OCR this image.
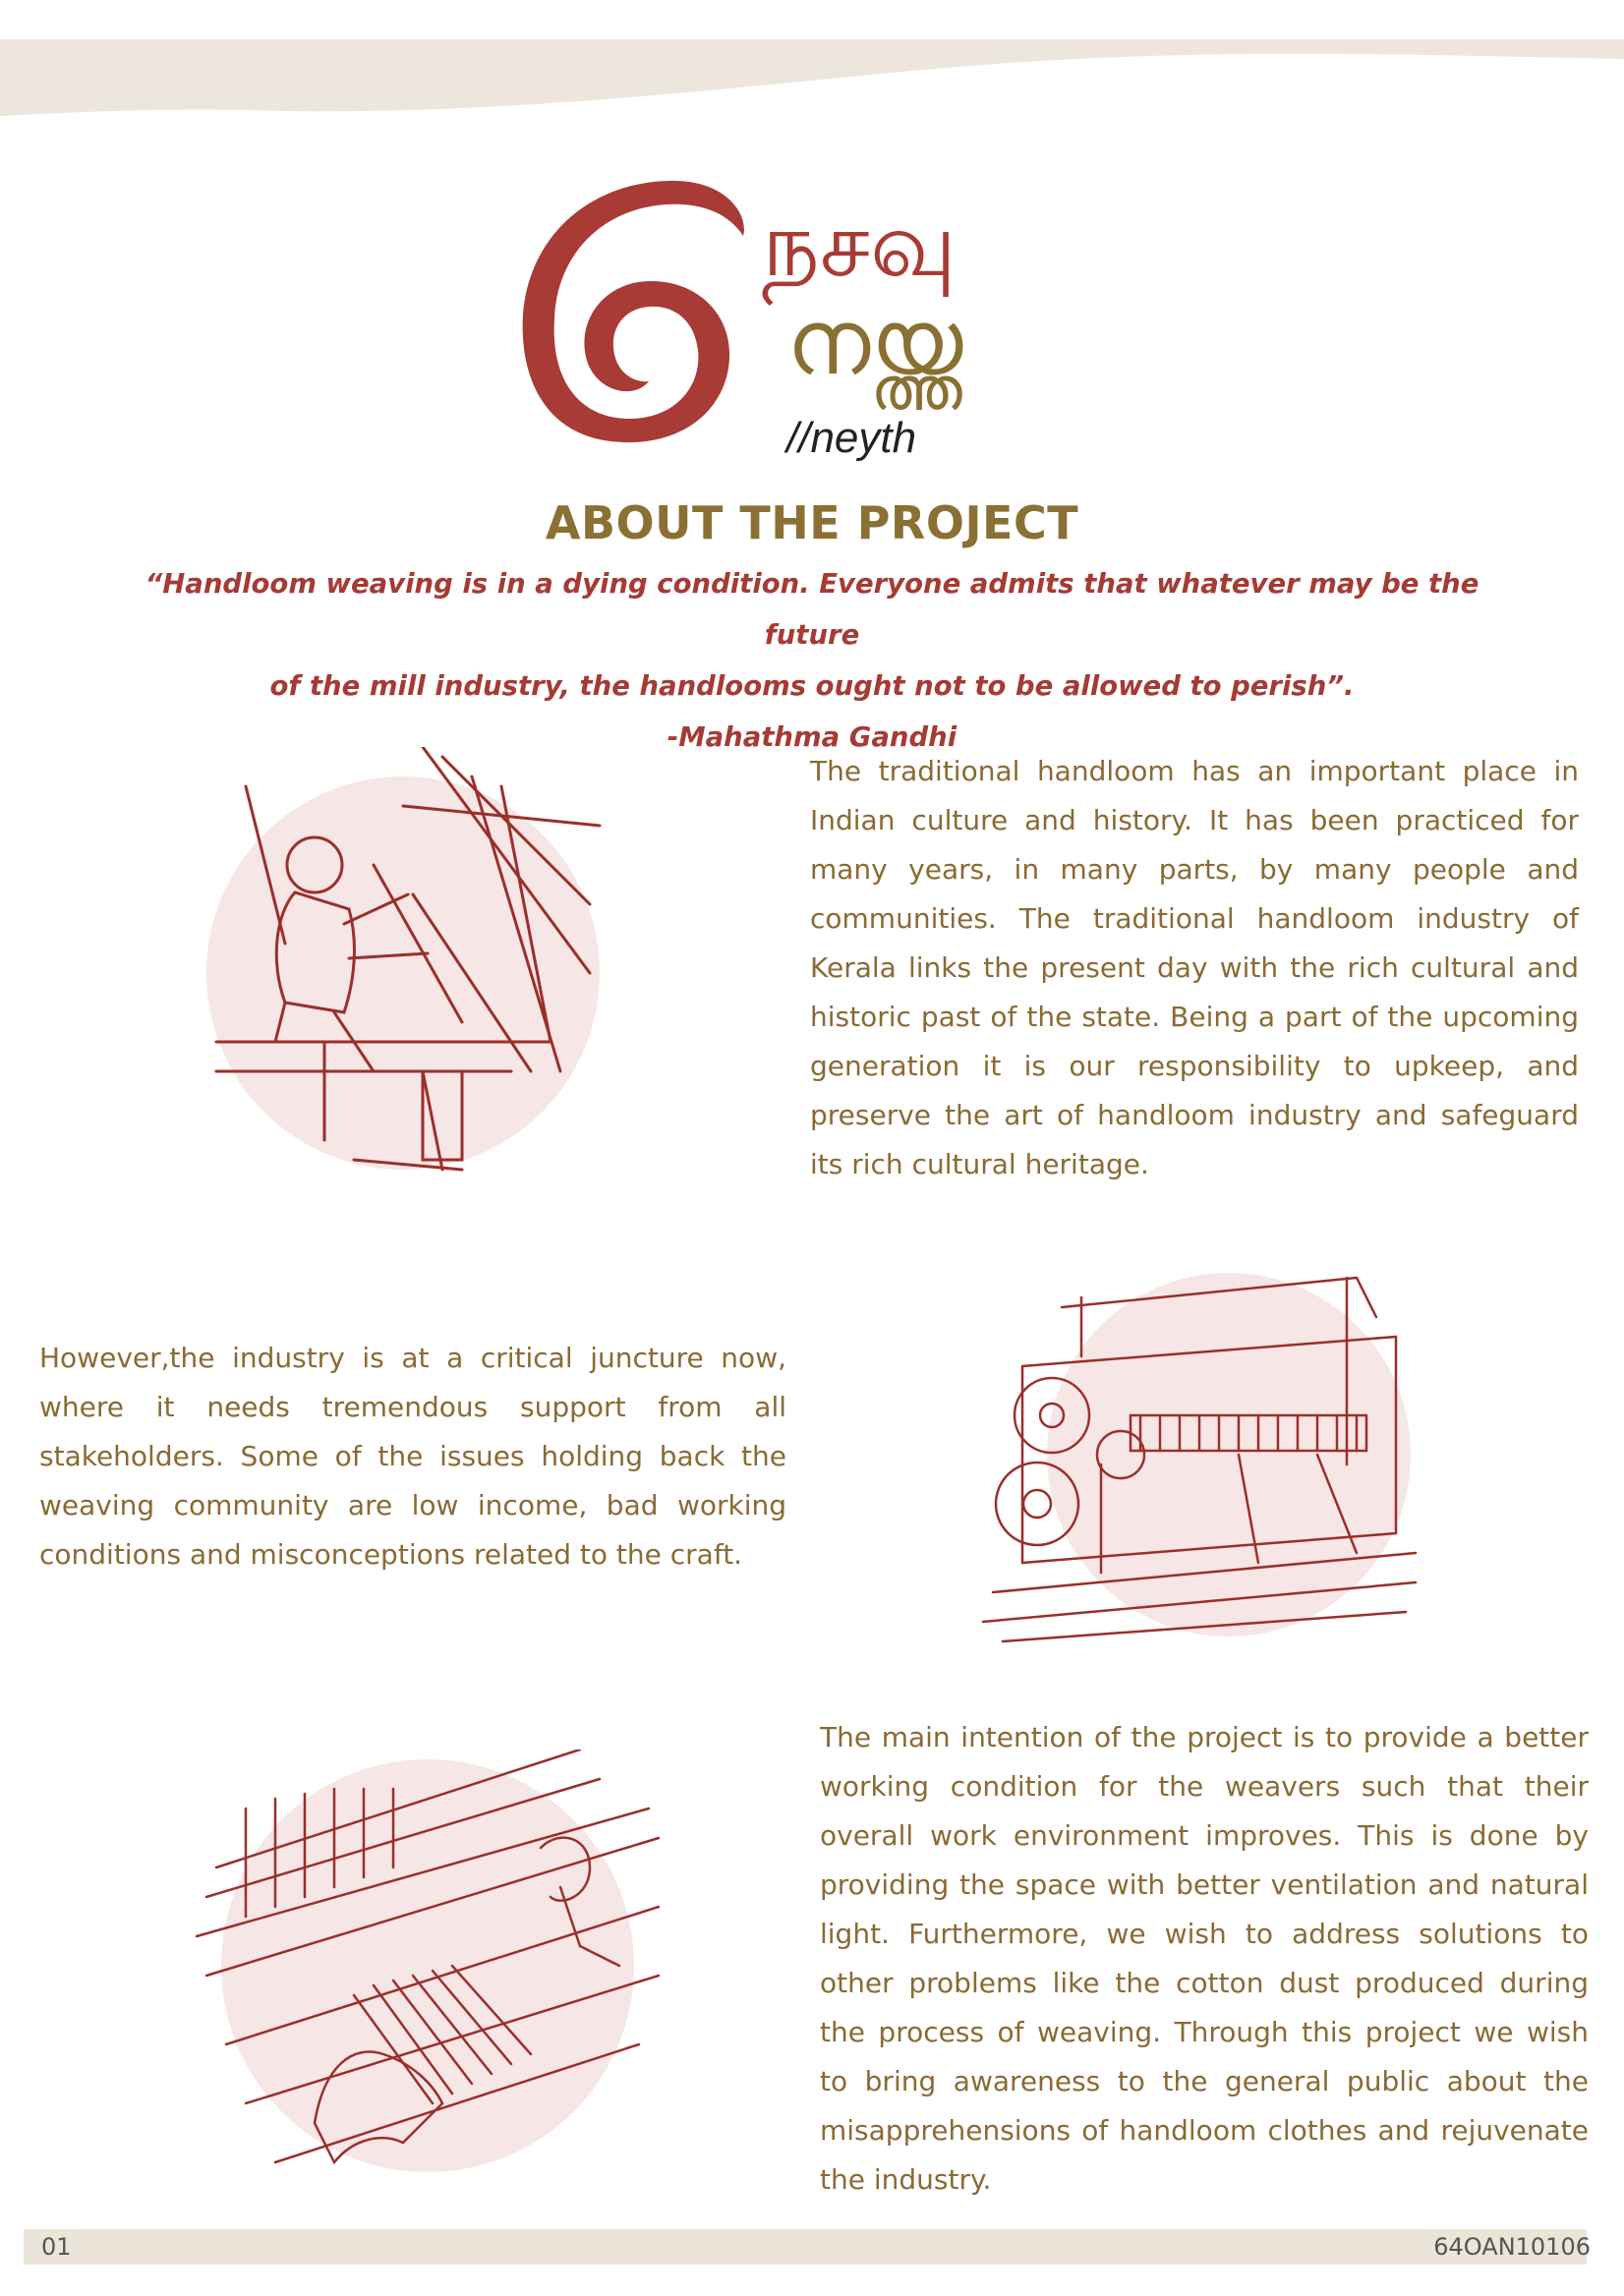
நசவு
നയ്ത്ത
//neyth
ABOUT THE PROJECT
“Handloom weaving is in a dying condition. Everyone admits that whatever may be the future
of the mill industry, the handlooms ought not to be allowed to perish”.
-Mahathma Gandhi

The traditional handloom has an important place in Indian culture and history. It has been practiced for many years, in many parts, by many people and communities. The traditional handloom industry of Kerala links the present day with the rich cultural and historic past of the state. Being a part of the upcoming generation it is our responsibility to upkeep, and preserve the art of handloom industry and safeguard its rich cultural heritage.

However,the industry is at a critical juncture now, where it needs tremendous support from all stakeholders. Some of the issues holding back the weaving community are low income, bad working conditions and misconceptions related to the craft.

The main intention of the project is to provide a better working condition for the weavers such that their overall work environment improves. This is done by providing the space with better ventilation and natural light. Furthermore, we wish to address solutions to other problems like the cotton dust produced during the process of weaving. Through this project we wish to bring awareness to the general public about the misapprehensions of handloom clothes and rejuvenate the industry.

01	64OAN10106
